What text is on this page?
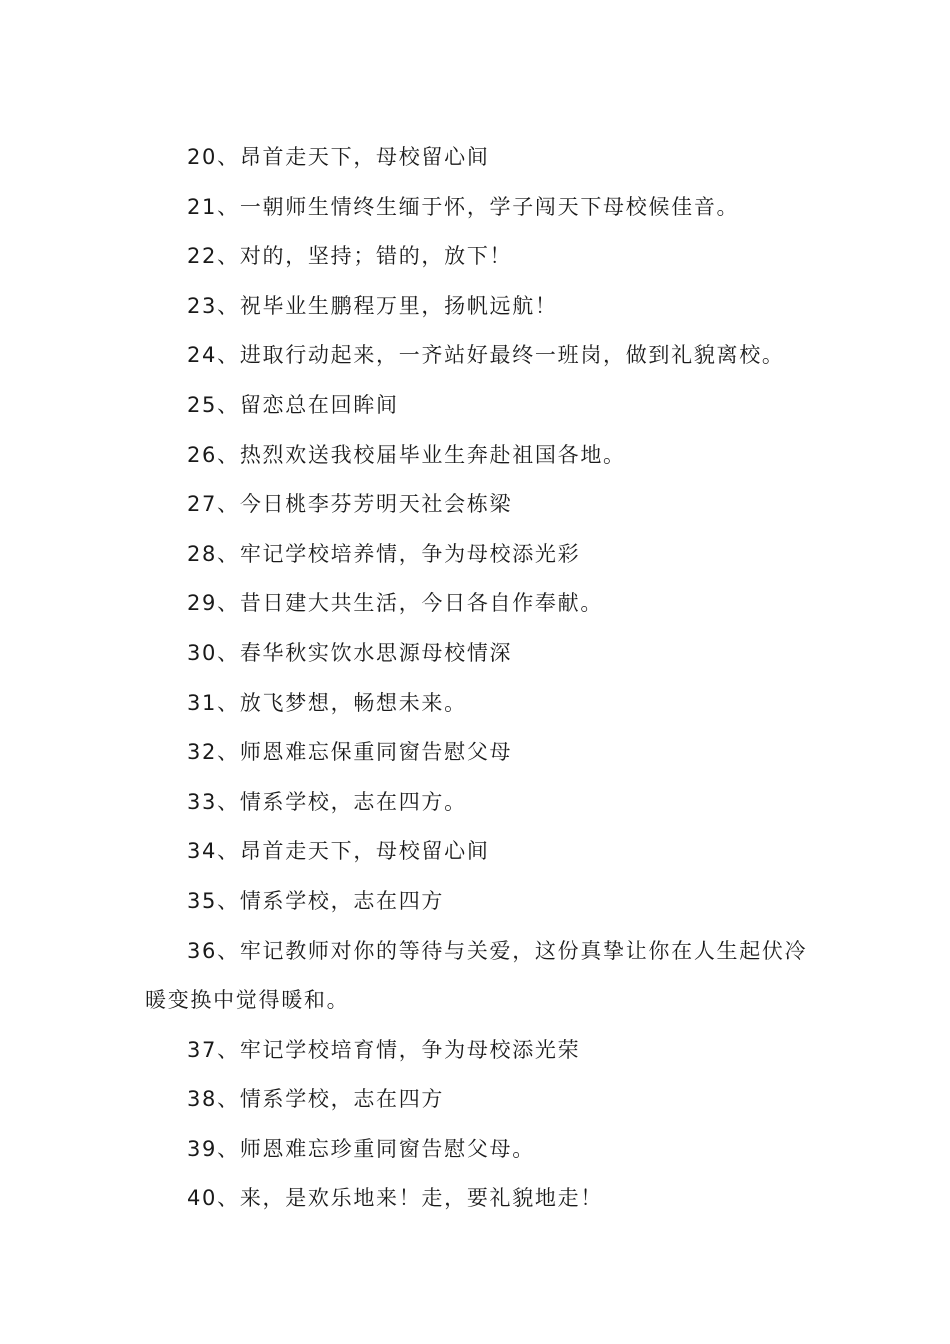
20、昂首走天下，母校留心间

21、一朝师生情终生缅于怀，学子闯天下母校候佳音。

22、对的，坚持；错的，放下！

23、祝毕业生鹏程万里，扬帆远航！

24、进取行动起来，一齐站好最终一班岗，做到礼貌离校。

25、留恋总在回眸间

26、热烈欢送我校届毕业生奔赴祖国各地。

27、今日桃李芬芳明天社会栋梁

28、牢记学校培养情，争为母校添光彩

29、昔日建大共生活，今日各自作奉献。

30、春华秋实饮水思源母校情深

31、放飞梦想，畅想未来。

32、师恩难忘保重同窗告慰父母

33、情系学校，志在四方。

34、昂首走天下，母校留心间

35、情系学校，志在四方

36、牢记教师对你的等待与关爱，这份真挚让你在人生起伏冷暖变换中觉得暖和。

37、牢记学校培育情，争为母校添光荣

38、情系学校，志在四方

39、师恩难忘珍重同窗告慰父母。

40、来，是欢乐地来！走，要礼貌地走！
